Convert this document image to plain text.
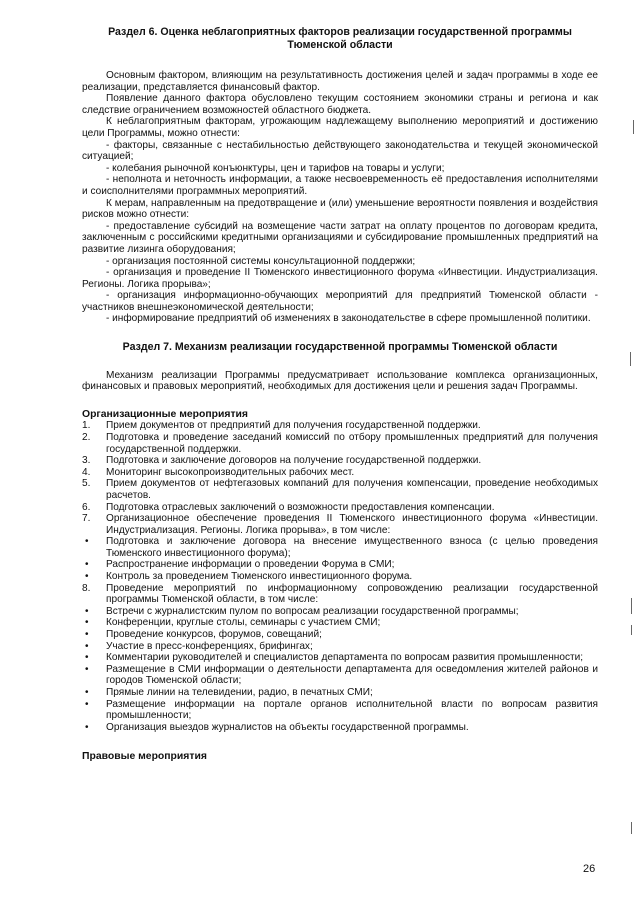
Раздел 6. Оценка неблагоприятных факторов реализации государственной программы
Тюменской области

Основным фактором, влияющим на результативность достижения целей и задач программы в ходе ее реализации, представляется финансовый фактор.

Появление данного фактора обусловлено текущим состоянием экономики страны и региона и как следствие ограничением возможностей областного бюджета.

К неблагоприятным факторам, угрожающим надлежащему выполнению мероприятий и достижению цели Программы, можно отнести:

- факторы, связанные с нестабильностью действующего законодательства и текущей экономической ситуацией;

- колебания рыночной конъюнктуры, цен и тарифов на товары и услуги;

- неполнота и неточность информации, а также несвоевременность её предоставления исполнителями и соисполнителями программных мероприятий.

К мерам, направленным на предотвращение и (или) уменьшение вероятности появления и воздействия рисков можно отнести:

- предоставление субсидий на возмещение части затрат на оплату процентов по договорам кредита, заключенным с российскими кредитными организациями и субсидирование промышленных предприятий на развитие лизинга оборудования;

- организация постоянной системы консультационной поддержки;

- организация и проведение II Тюменского инвестиционного форума «Инвестиции. Индустриализация. Регионы. Логика прорыва»;

- организация информационно-обучающих мероприятий для предприятий Тюменской области - участников внешнеэкономической деятельности;

- информирование предприятий об изменениях в законодательстве в сфере промышленной политики.

Раздел 7. Механизм реализации государственной программы Тюменской области

Механизм реализации Программы предусматривает использование комплекса организационных, финансовых и правовых мероприятий, необходимых для достижения цели и решения задач Программы.

Организационные мероприятия
1.	Прием документов от предприятий для получения государственной поддержки.
2.	Подготовка и проведение заседаний комиссий по отбору промышленных предприятий для получения государственной поддержки.
3.	Подготовка и заключение договоров на получение государственной поддержки.
4.	Мониторинг высокопроизводительных рабочих мест.
5.	Прием документов от нефтегазовых компаний для получения компенсации, проведение необходимых расчетов.
6.	Подготовка отраслевых заключений о возможности предоставления компенсации.
7.	Организационное обеспечение проведения II Тюменского инвестиционного форума «Инвестиции. Индустриализация. Регионы. Логика прорыва», в том числе:
•	Подготовка и заключение договора на внесение имущественного взноса (с целью проведения Тюменского инвестиционного форума);
•	Распространение информации о проведении Форума в СМИ;
•	Контроль за проведением Тюменского инвестиционного форума.
8.	Проведение мероприятий по информационному сопровождению реализации государственной программы Тюменской области, в том числе:
•	Встречи с журналистским пулом по вопросам реализации государственной программы;
•	Конференции, круглые столы, семинары с участием СМИ;
•	Проведение конкурсов, форумов, совещаний;
•	Участие в пресс-конференциях, брифингах;
•	Комментарии руководителей и специалистов департамента по вопросам развития промышленности;
•	Размещение в СМИ информации о деятельности департамента для осведомления жителей районов и городов Тюменской области;
•	Прямые линии на телевидении, радио, в печатных СМИ;
•	Размещение информации на портале органов исполнительной власти по вопросам развития промышленности;
•	Организация выездов журналистов на объекты государственной программы.
Правовые мероприятия
26
